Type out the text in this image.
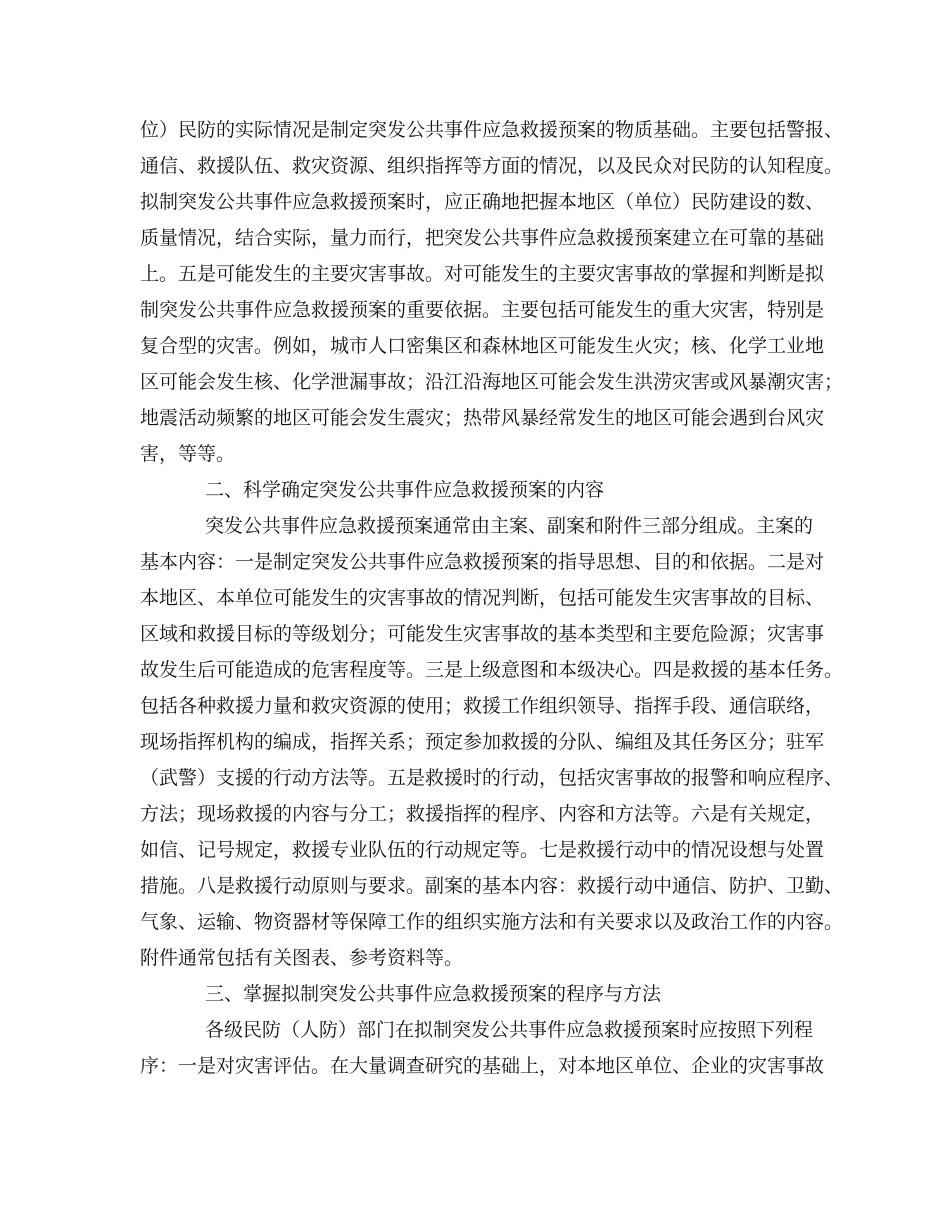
位）民防的实际情况是制定突发公共事件应急救援预案的物质基础。主要包括警报、
通信、救援队伍、救灾资源、组织指挥等方面的情况，以及民众对民防的认知程度。
拟制突发公共事件应急救援预案时，应正确地把握本地区（单位）民防建设的数、
质量情况，结合实际，量力而行，把突发公共事件应急救援预案建立在可靠的基础
上。五是可能发生的主要灾害事故。对可能发生的主要灾害事故的掌握和判断是拟
制突发公共事件应急救援预案的重要依据。主要包括可能发生的重大灾害，特别是
复合型的灾害。例如，城市人口密集区和森林地区可能发生火灾；核、化学工业地
区可能会发生核、化学泄漏事故；沿江沿海地区可能会发生洪涝灾害或风暴潮灾害；
地震活动频繁的地区可能会发生震灾；热带风暴经常发生的地区可能会遇到台风灾
害，等等。
二、科学确定突发公共事件应急救援预案的内容
突发公共事件应急救援预案通常由主案、副案和附件三部分组成。主案的
基本内容：一是制定突发公共事件应急救援预案的指导思想、目的和依据。二是对
本地区、本单位可能发生的灾害事故的情况判断，包括可能发生灾害事故的目标、
区域和救援目标的等级划分；可能发生灾害事故的基本类型和主要危险源；灾害事
故发生后可能造成的危害程度等。三是上级意图和本级决心。四是救援的基本任务。
包括各种救援力量和救灾资源的使用；救援工作组织领导、指挥手段、通信联络，
现场指挥机构的编成，指挥关系；预定参加救援的分队、编组及其任务区分；驻军
（武警）支援的行动方法等。五是救援时的行动，包括灾害事故的报警和响应程序、
方法；现场救援的内容与分工；救援指挥的程序、内容和方法等。六是有关规定，
如信、记号规定，救援专业队伍的行动规定等。七是救援行动中的情况设想与处置
措施。八是救援行动原则与要求。副案的基本内容：救援行动中通信、防护、卫勤、
气象、运输、物资器材等保障工作的组织实施方法和有关要求以及政治工作的内容。
附件通常包括有关图表、参考资料等。
三、掌握拟制突发公共事件应急救援预案的程序与方法
各级民防（人防）部门在拟制突发公共事件应急救援预案时应按照下列程
序：一是对灾害评估。在大量调查研究的基础上，对本地区单位、企业的灾害事故
